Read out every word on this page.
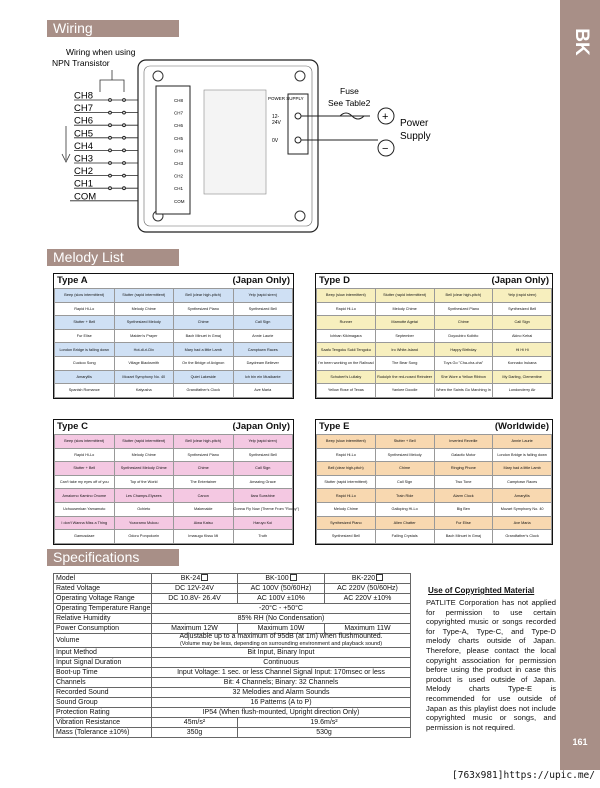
BK
161
Wiring
Wiring when using
NPN Transistor
CH8
CH7
CH6
CH5
CH4
CH3
CH2
CH1
COM
CH8
CH7
CH6
CH5
CH4
CH3
CH2
CH1
COM
POWER SUPPLY
12-
24V
0V
Fuse
See Table2
+
−
Power
Supply
Melody List
Type A	(Japan Only)
Beep (slow intermittent)	Stutter (rapid intermittent)	Bell (clear high-pitch)	Yelp (rapid siren)
Rapid Hi-Lo	Melody Chime	Synthesized Piano	Synthesized Bell
Stutter + Bell	Synthesized Melody	Chime	Call Sign
Fur Elise	Maiden's Prayer	Bach Minuet in Gmaj	Annie Laurie
London Bridge is falling down	Hot-di-ri-Dix	Mary had a little Lamb	Camptown Races
Cuckoo Song	Village Blacksmith	On the Bridge of Avignon	Daydream Believer
Amaryllis	Mozart Symphony No. 40	Quiet Lakeside	Ich bin ein Musikante
Spanish Romance	Katyusha	Grandfather's Clock	Ave Maria
Type D	(Japan Only)
Beep (slow intermittent)	Stutter (rapid intermittent)	Bell (clear high-pitch)	Yelp (rapid siren)
Rapid Hi-Lo	Melody Chime	Synthesized Piano	Synthesized Bell
Runner	Mamotte Agetai	Chime	Call Sign
Ichban Kikimagara	September	Doyoubiro Koibito	Akino Kehai
Saafu Tengoku Sukii Tengoku	Iro White-Island	Happy Birthday	Hi Hi Hi
I'm been working on the Railroad	The Bear Song	Toys Go "Cha-cha-cha"	Konnako Irukana
Schubert's Lullaby	Rudolph the red-nosed Reindeer	She Wore a Yellow Ribbon	My Darling, Clementine
Yellow Rose of Texas	Yankee Doodle	When the Saints Go Marching In	Londonderry Air
Type C	(Japan Only)
Beep (slow intermittent)	Stutter (rapid intermittent)	Bell (clear high-pitch)	Yelp (rapid siren)
Rapid Hi-Lo	Melody Chime	Synthesized Piano	Synthesized Bell
Stutter + Bell	Synthesized Melody Chime	Chime	Call Sign
Can't take my eyes off of you	Top of the World	The Entertainer	Amazing Grace
Amaiorno Kamino Onome	Les Champs-Elysees	Canon	Ilara Sunshine
Uchuusenkan Yamamoto	Ochieto	Makenaide	Gonna Fly Now (Theme From "Rocky")
I don't Wanna Miss a Thing	Yozoramo Mukou	Aiwa Katsu	Haruyo Koi
Gamusdaze	Odoru Ponpokorin	Imasugu Kissu Mi	Truth
Type E	(Worldwide)
Beep (slow intermittent)	Stutter + Bell	Inverted Reveille	Annie Laurie
Rapid Hi-Lo	Synthesized Melody	Galactic Motor	London Bridge is falling down
Bell (clear high-pitch)	Chime	Ringing Phone	Mary had a little Lamb
Stutter (rapid intermittent)	Call Sign	Two Tone	Camptown Races
Rapid Hi-Lo	Train Ride	Alarm Clock	Amaryllis
Melody Chime	Galloping Hi-Lo	Big Ben	Mozart Symphony No. 40
Synthesized Piano	Alien Chatter	Fur Elise	Ave Maria
Synthesized Bell	Falling Crystals	Bach Minuet in Gmaj	Grandfather's Clock
Specifications
Model	BK-24	BK-100	BK-220
Rated Voltage	DC 12V-24V	AC 100V (50/60Hz)	AC 220V (50/60Hz)
Operating Voltage Range	DC 10.8V- 26.4V	AC 100V ±10%	AC 220V ±10%
Operating Temperature Range	-20°C - +50°C		
Relative Humidity	85% RH (No Condensation)		
Power Consumption	Maximum 12W	Maximum 10W	Maximum 11W
Volume	Adjustable up to a maximum of 95dB (at 1m) when flushmounted.
(Volume may be less, depending on surrounding environment and playback sound)		

Input Method	Bit Input, Binary Input		
Input Signal Duration	Continuous		
Boot-up Time	Input Voltage: 1 sec. or less Channel Signal Input: 170msec or less		
Channels	Bit: 4 Channels; Binary: 32 Channels		
Recorded Sound	32 Melodies and Alarm Sounds		
Sound Group	16 Patterns (A to P)		
Protection Rating	IP54 (When flush-mounted, Upright direction Only)		
Vibration Resistance	45m/s²	19.6m/s²	
Mass (Tolerance ±10%)	350g	530g	
Use of Copyrighted Material
PATLITE Corporation has not applied for permission to use certain copyrighted music or songs recorded for Type-A, Type-C, and Type-D melody charts outside of Japan. Therefore, please contact the local copyright association for permission before using the product in case this product is used outside of Japan. Melody charts Type-E is recommended for use outside of Japan as this playlist does not include copyrighted music or songs, and permission is not required.
[763x981]https://upic.me/
